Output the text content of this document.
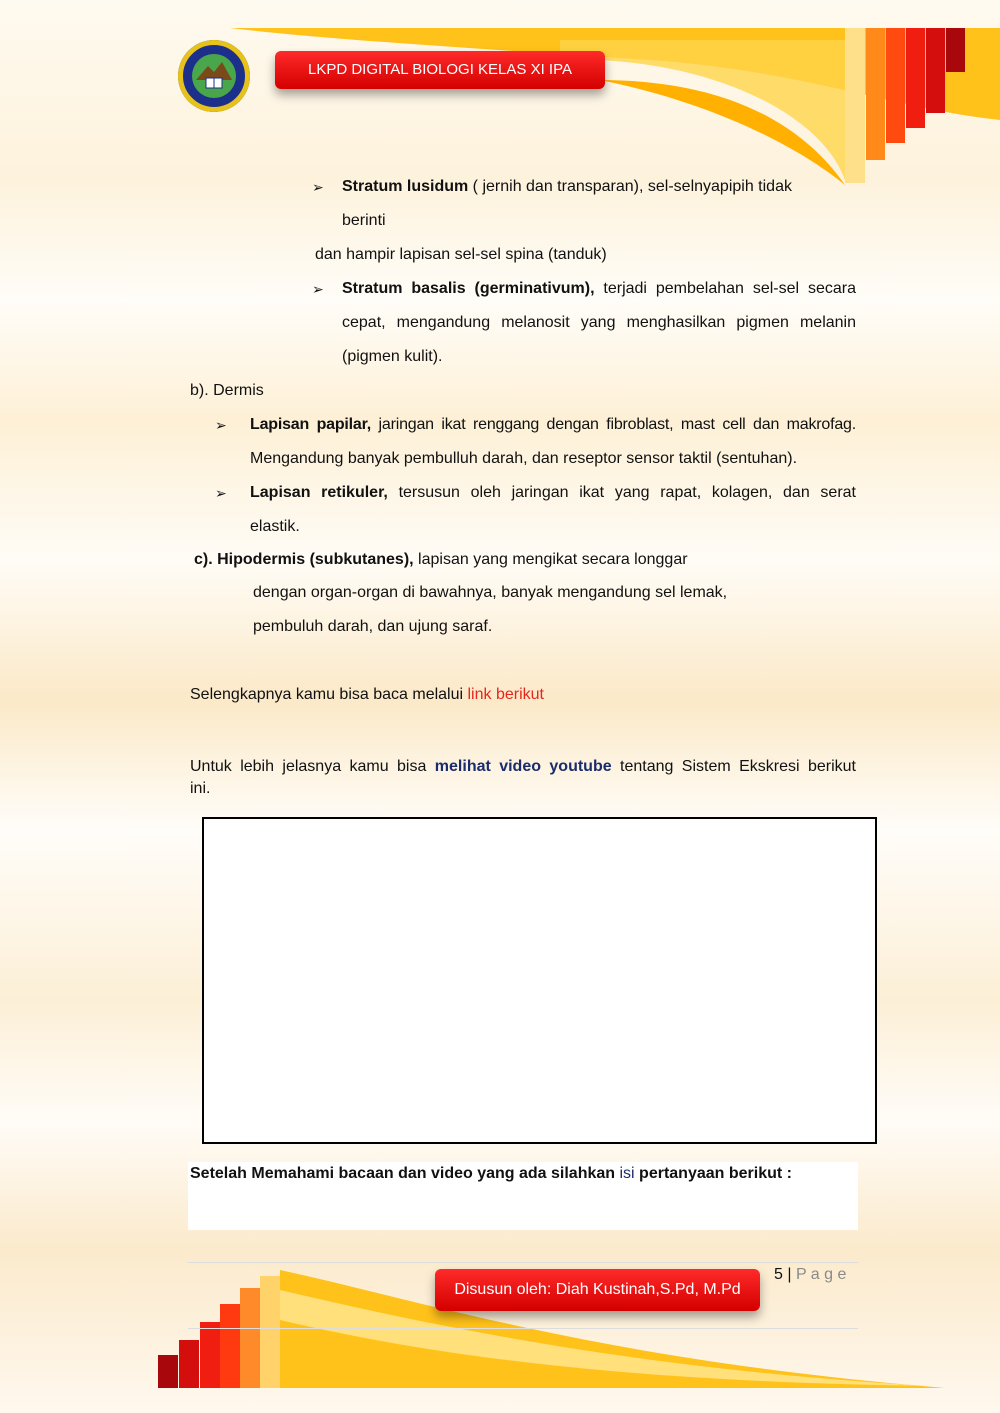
LKPD DIGITAL BIOLOGI KELAS XI IPA
➢ Stratum lusidum ( jernih dan transparan), sel-selnyapipih tidak
berinti
dan hampir lapisan sel-sel spina (tanduk)
➢ Stratum basalis (germinativum), terjadi pembelahan sel-sel secara
cepat, mengandung melanosit yang menghasilkan pigmen melanin
(pigmen kulit).
b). Dermis
➢ Lapisan papilar, jaringan ikat renggang dengan fibroblast, mast cell dan makrofag.
Mengandung banyak pembulluh darah, dan reseptor sensor taktil (sentuhan).
➢ Lapisan retikuler, tersusun oleh jaringan ikat yang rapat, kolagen, dan serat
elastik.
c). Hipodermis (subkutanes), lapisan yang mengikat secara longgar
dengan organ-organ di bawahnya, banyak mengandung sel lemak,
pembuluh darah, dan ujung saraf.
Selengkapnya kamu bisa baca melalui link berikut
Untuk lebih jelasnya kamu bisa melihat video youtube tentang Sistem Ekskresi berikut
ini.
Setelah Memahami bacaan dan video yang ada silahkan isi pertanyaan berikut :
Disusun oleh: Diah Kustinah,S.Pd, M.Pd
5 | P a g e
